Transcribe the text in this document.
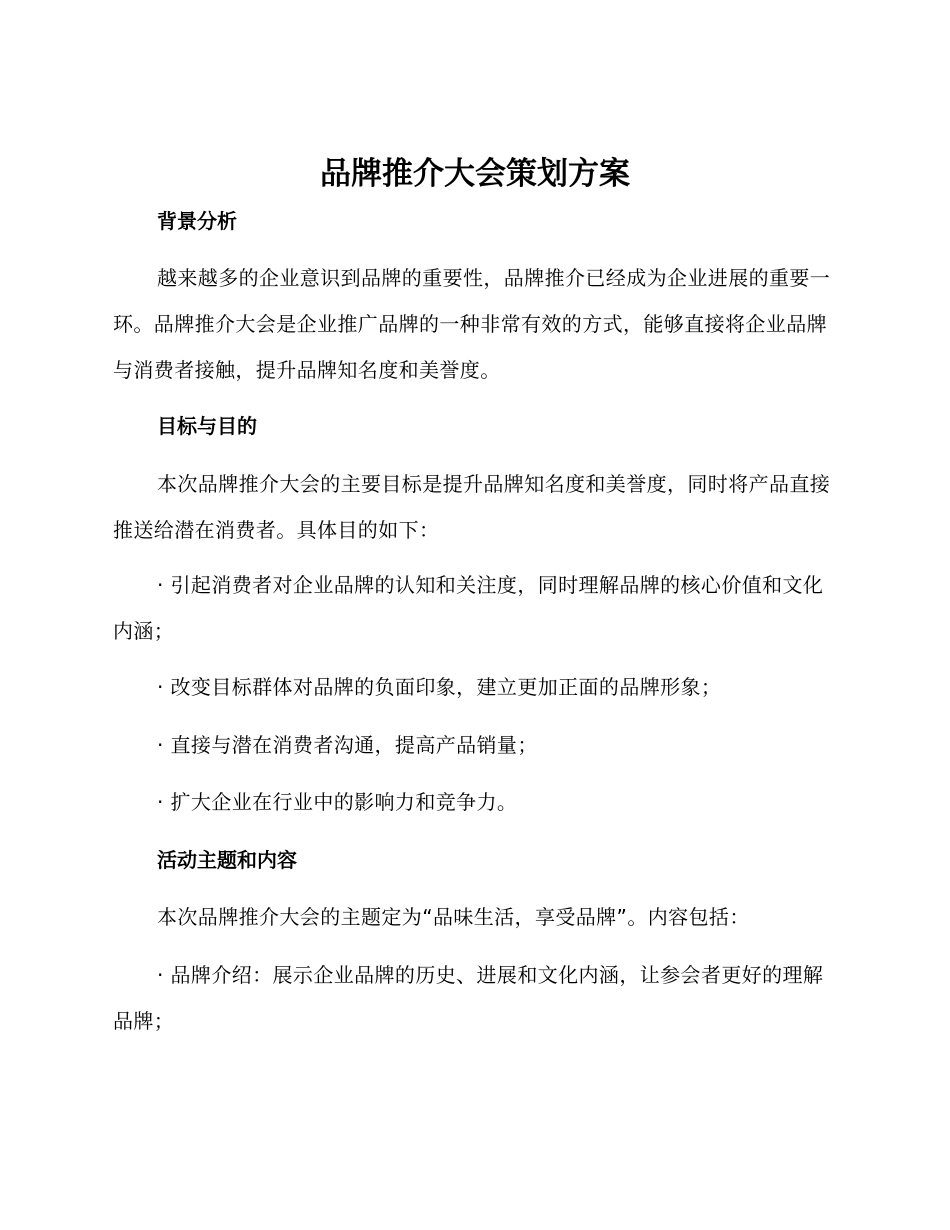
品牌推介大会策划方案
背景分析

越来越多的企业意识到品牌的重要性，品牌推介已经成为企业进展的重要一环。品牌推介大会是企业推广品牌的一种非常有效的方式，能够直接将企业品牌与消费者接触，提升品牌知名度和美誉度。

目标与目的

本次品牌推介大会的主要目标是提升品牌知名度和美誉度，同时将产品直接推送给潜在消费者。具体目的如下：

· 引起消费者对企业品牌的认知和关注度，同时理解品牌的核心价值和文化内涵；

· 改变目标群体对品牌的负面印象，建立更加正面的品牌形象；

· 直接与潜在消费者沟通，提高产品销量；

· 扩大企业在行业中的影响力和竞争力。

活动主题和内容

本次品牌推介大会的主题定为“品味生活，享受品牌”。内容包括：

· 品牌介绍：展示企业品牌的历史、进展和文化内涵，让参会者更好的理解品牌；
